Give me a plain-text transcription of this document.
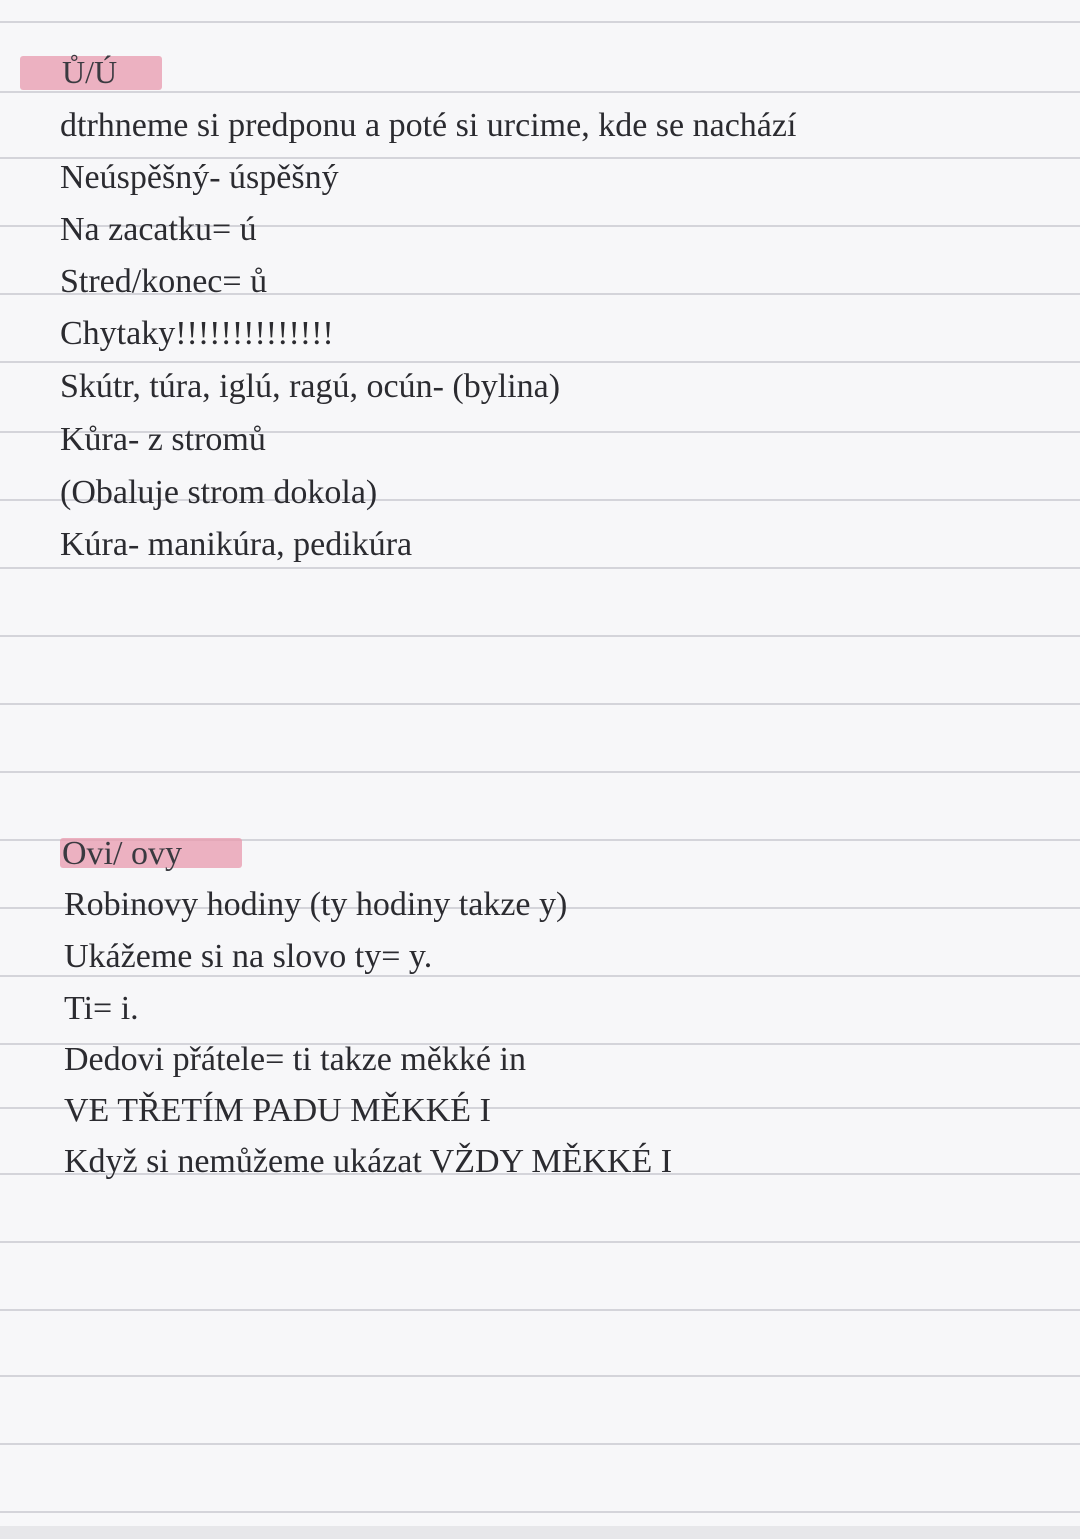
Ů/Ú
dtrhneme si predponu a poté si urcime, kde se nachází
Neúspěšný- úspěšný
Na zacatku= ú
Stred/konec= ů
Chytaky!!!!!!!!!!!!!!
Skútr, túra, iglú, ragú, ocún- (bylina)
Kůra- z stromů
(Obaluje strom dokola)
Kúra- manikúra, pedikúra
Ovi/ ovy
Robinovy hodiny (ty hodiny takze y)
Ukážeme si na slovo ty= y.
Ti= i.
Dedovi přátele= ti takze měkké in
VE TŘETÍM PADU MĚKKÉ I
Když si nemůžeme ukázat VŽDY MĚKKÉ I
